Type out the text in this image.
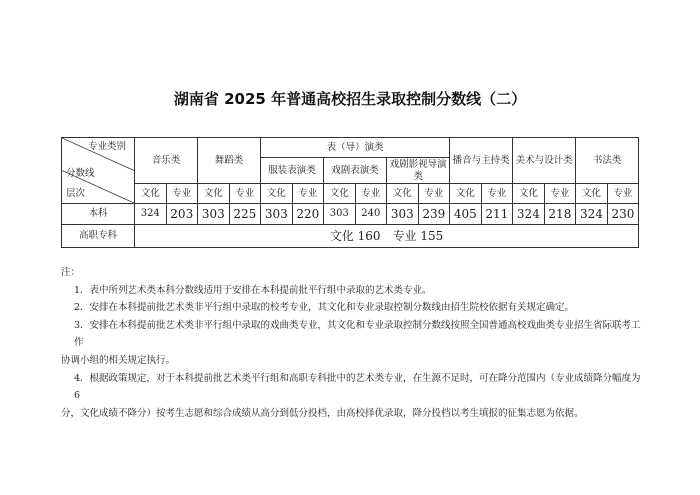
湖南省 2025 年普通高校招生录取控制分数线（二）
专业类别
分数线
层次	音乐类		舞蹈类		表（导）演类						播音与主持类		美术与设计类		书法类	
					服装表演类		戏剧表演类		戏剧影视导演类							
	文化	专业	文化	专业	文化	专业	文化	专业	文化	专业	文化	专业	文化	专业	文化	专业
本科	324	203	303	225	303	220	303	240	303	239	405	211	324	218	324	230
高职专科	文化 160　专业 155															

注：

1．表中所列艺术类本科分数线适用于安排在本科提前批平行组中录取的艺术类专业。

2．安排在本科提前批艺术类非平行组中录取的校考专业，其文化和专业录取控制分数线由招生院校依据有关规定确定。

3．安排在本科提前批艺术类非平行组中录取的戏曲类专业，其文化和专业录取控制分数线按照全国普通高校戏曲类专业招生省际联考工作

协调小组的相关规定执行。

4．根据政策规定，对于本科提前批艺术类平行组和高职专科批中的艺术类专业，在生源不足时，可在降分范围内（专业成绩降分幅度为 6

分，文化成绩不降分）按考生志愿和综合成绩从高分到低分投档，由高校择优录取，降分投档以考生填报的征集志愿为依据。
